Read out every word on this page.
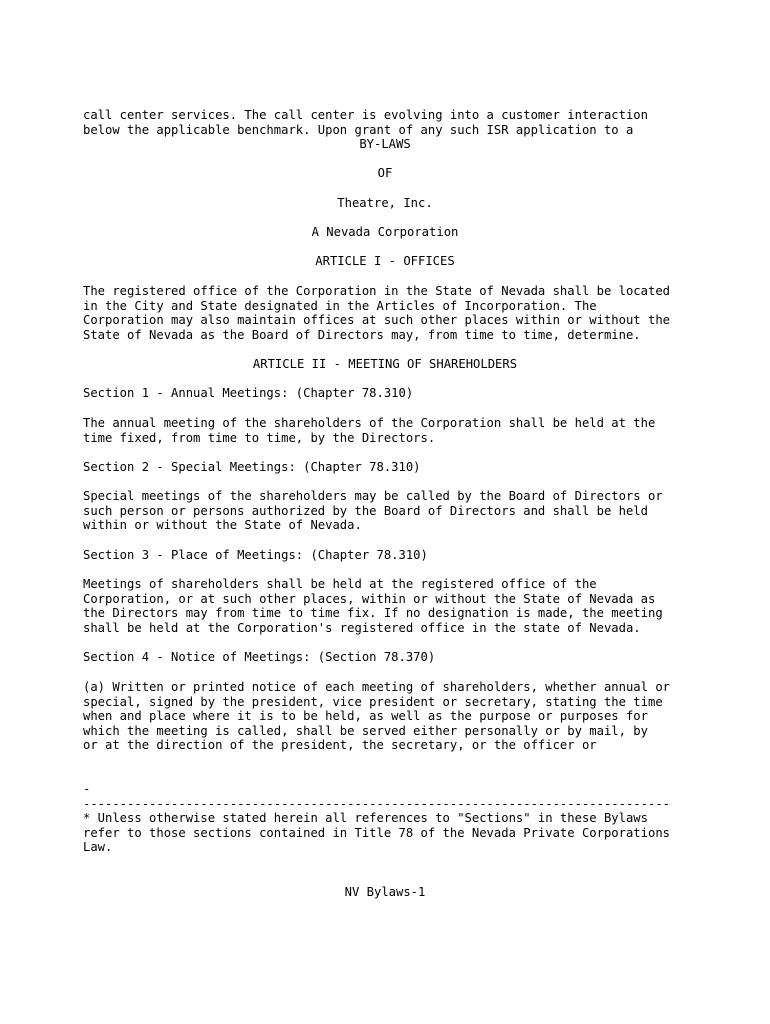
call center services. The call center is evolving into a customer interaction
below the applicable benchmark. Upon grant of any such ISR application to a
BY-LAWS
OF
Theatre, Inc.
A Nevada Corporation
ARTICLE I - OFFICES
The registered office of the Corporation in the State of Nevada shall be located
in the City and State designated in the Articles of Incorporation. The
Corporation may also maintain offices at such other places within or without the
State of Nevada as the Board of Directors may, from time to time, determine.
ARTICLE II - MEETING OF SHAREHOLDERS
Section 1 - Annual Meetings: (Chapter 78.310)
The annual meeting of the shareholders of the Corporation shall be held at the
time fixed, from time to time, by the Directors.
Section 2 - Special Meetings: (Chapter 78.310)
Special meetings of the shareholders may be called by the Board of Directors or
such person or persons authorized by the Board of Directors and shall be held
within or without the State of Nevada.
Section 3 - Place of Meetings: (Chapter 78.310)
Meetings of shareholders shall be held at the registered office of the
Corporation, or at such other places, within or without the State of Nevada as
the Directors may from time to time fix. If no designation is made, the meeting
shall be held at the Corporation's registered office in the state of Nevada.
Section 4 - Notice of Meetings: (Section 78.370)
(a) Written or printed notice of each meeting of shareholders, whether annual or
special, signed by the president, vice president or secretary, stating the time
when and place where it is to be held, as well as the purpose or purposes for
which the meeting is called, shall be served either personally or by mail, by
or at the direction of the president, the secretary, or the officer or
-
--------------------------------------------------------------------------------
* Unless otherwise stated herein all references to "Sections" in these Bylaws
refer to those sections contained in Title 78 of the Nevada Private Corporations
Law.
NV Bylaws-1
